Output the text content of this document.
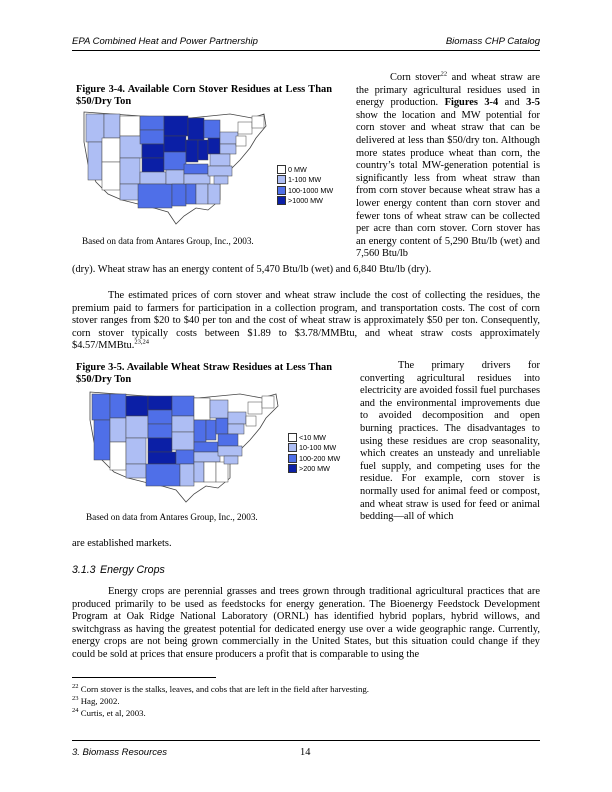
EPA Combined Heat and Power Partnership	Biomass CHP Catalog
Figure 3-4. Available Corn Stover Residues at Less Than $50/Dry Ton
0 MW
1-100 MW
100-1000 MW
>1000 MW
Based on data from Antares Group, Inc., 2003.
Corn stover$^{22}$ and wheat straw are the primary agricultural residues used in energy production. Figures 3-4 and 3-5 show the location and MW potential for corn stover and wheat straw that can be delivered at less than $50/dry ton. Although more states produce wheat than corn, the country’s total MW-generation potential is significantly less from wheat straw than from corn stover because wheat straw has a lower energy content than corn stover and fewer tons of wheat straw can be collected per acre than corn stover. Corn stover has an energy content of 5,290 Btu/lb (wet) and 7,560 Btu/lb
(dry). Wheat straw has an energy content of 5,470 Btu/lb (wet) and 6,840 Btu/lb (dry).
The estimated prices of corn stover and wheat straw include the cost of collecting the residues, the premium paid to farmers for participation in a collection program, and transportation costs. The cost of corn stover ranges from $20 to $40 per ton and the cost of wheat straw is approximately $50 per ton. Consequently, corn stover typically costs between $1.89 to $3.78/MMBtu, and wheat straw costs approximately $4.57/MMBtu.$^{23,24}$
Figure 3-5. Available Wheat Straw Residues at Less Than $50/Dry Ton
<10 MW
10-100 MW
100-200 MW
>200 MW
Based on data from Antares Group, Inc., 2003.
The primary drivers for converting agricultural residues into electricity are avoided fossil fuel purchases and the environmental improvements due to avoided decomposition and open burning practices. The disadvantages to using these residues are crop seasonality, which creates an unsteady and unreliable fuel supply, and competing uses for the residue. For example, corn stover is normally used for animal feed or compost, and wheat straw is used for feed or animal bedding—all of which
are established markets.
3.1.3 Energy Crops
Energy crops are perennial grasses and trees grown through traditional agricultural practices that are produced primarily to be used as feedstocks for energy generation. The Bioenergy Feedstock Development Program at Oak Ridge National Laboratory (ORNL) has identified hybrid poplars, hybrid willows, and switchgrass as having the greatest potential for dedicated energy use over a wide geographic range. Currently, energy crops are not being grown commercially in the United States, but this situation could change if they could be sold at prices that ensure producers a profit that is comparable to using the
$^{22}$ Corn stover is the stalks, leaves, and cobs that are left in the field after harvesting.
$^{23}$ Hag, 2002.
$^{24}$ Curtis, et al, 2003.
3. Biomass Resources	14
